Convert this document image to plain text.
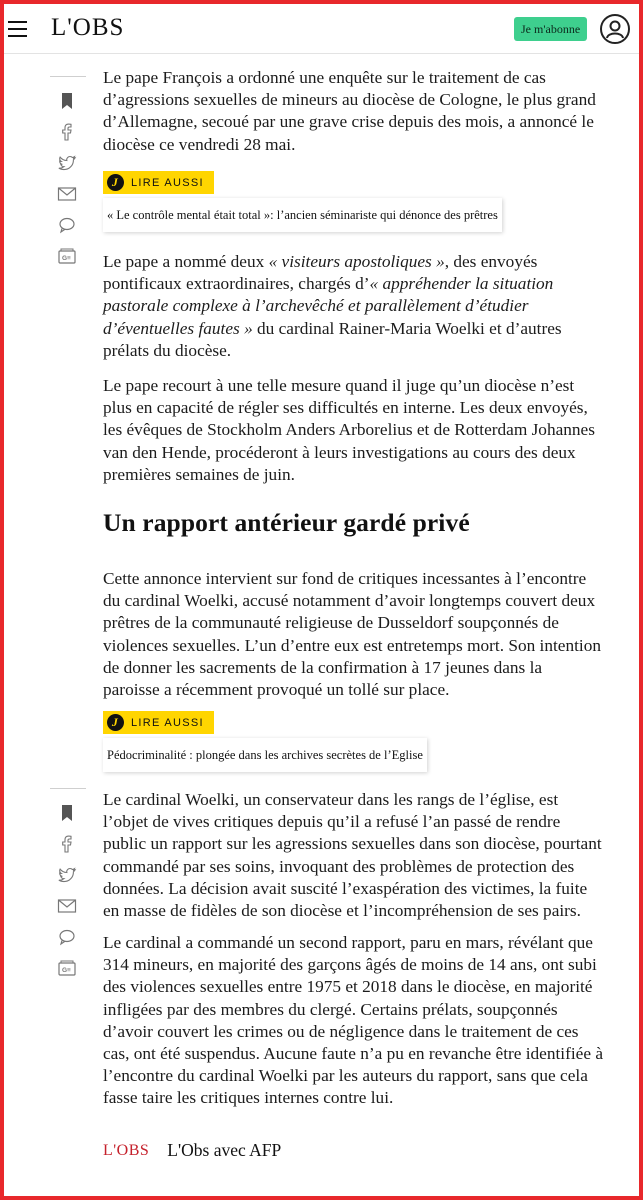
L'OBS	Je m'abonne
G≡
G≡

Le pape François a ordonné une enquête sur le traitement de cas d’agressions sexuelles de mineurs au diocèse de Cologne, le plus grand d’Allemagne, secoué par une grave crise depuis des mois, a annoncé le diocèse ce vendredi 28 mai.

J	LIRE AUSSI
« Le contrôle mental était total »: l’ancien séminariste qui dénonce des prêtres

Le pape a nommé deux « visiteurs apostoliques », des envoyés pontificaux extraordinaires, chargés d’« appréhender la situation pastorale complexe à l’archevêché et parallèlement d’étudier d’éventuelles fautes » du cardinal Rainer-Maria Woelki et d’autres prélats du diocèse.

Le pape recourt à une telle mesure quand il juge qu’un diocèse n’est plus en capacité de régler ses difficultés en interne. Les deux envoyés, les évêques de Stockholm Anders Arborelius et de Rotterdam Johannes van den Hende, procéderont à leurs investigations au cours des deux premières semaines de juin.

Un rapport antérieur gardé privé

Cette annonce intervient sur fond de critiques incessantes à l’encontre du cardinal Woelki, accusé notamment d’avoir longtemps couvert deux prêtres de la communauté religieuse de Dusseldorf soupçonnés de violences sexuelles. L’un d’entre eux est entretemps mort. Son intention de donner les sacrements de la confirmation à 17 jeunes dans la paroisse a récemment provoqué un tollé sur place.

J	LIRE AUSSI
Pédocriminalité : plongée dans les archives secrètes de l’Eglise

Le cardinal Woelki, un conservateur dans les rangs de l’église, est l’objet de vives critiques depuis qu’il a refusé l’an passé de rendre public un rapport sur les agressions sexuelles dans son diocèse, pourtant commandé par ses soins, invoquant des problèmes de protection des données. La décision avait suscité l’exaspération des victimes, la fuite en masse de fidèles de son diocèse et l’incompréhension de ses pairs.

Le cardinal a commandé un second rapport, paru en mars, révélant que 314 mineurs, en majorité des garçons âgés de moins de 14 ans, ont subi des violences sexuelles entre 1975 et 2018 dans le diocèse, en majorité infligées par des membres du clergé. Certains prélats, soupçonnés d’avoir couvert les crimes ou de négligence dans le traitement de ces cas, ont été suspendus. Aucune faute n’a pu en revanche être identifiée à l’encontre du cardinal Woelki par les auteurs du rapport, sans que cela fasse taire les critiques internes contre lui.

L'OBS L'Obs avec AFP
